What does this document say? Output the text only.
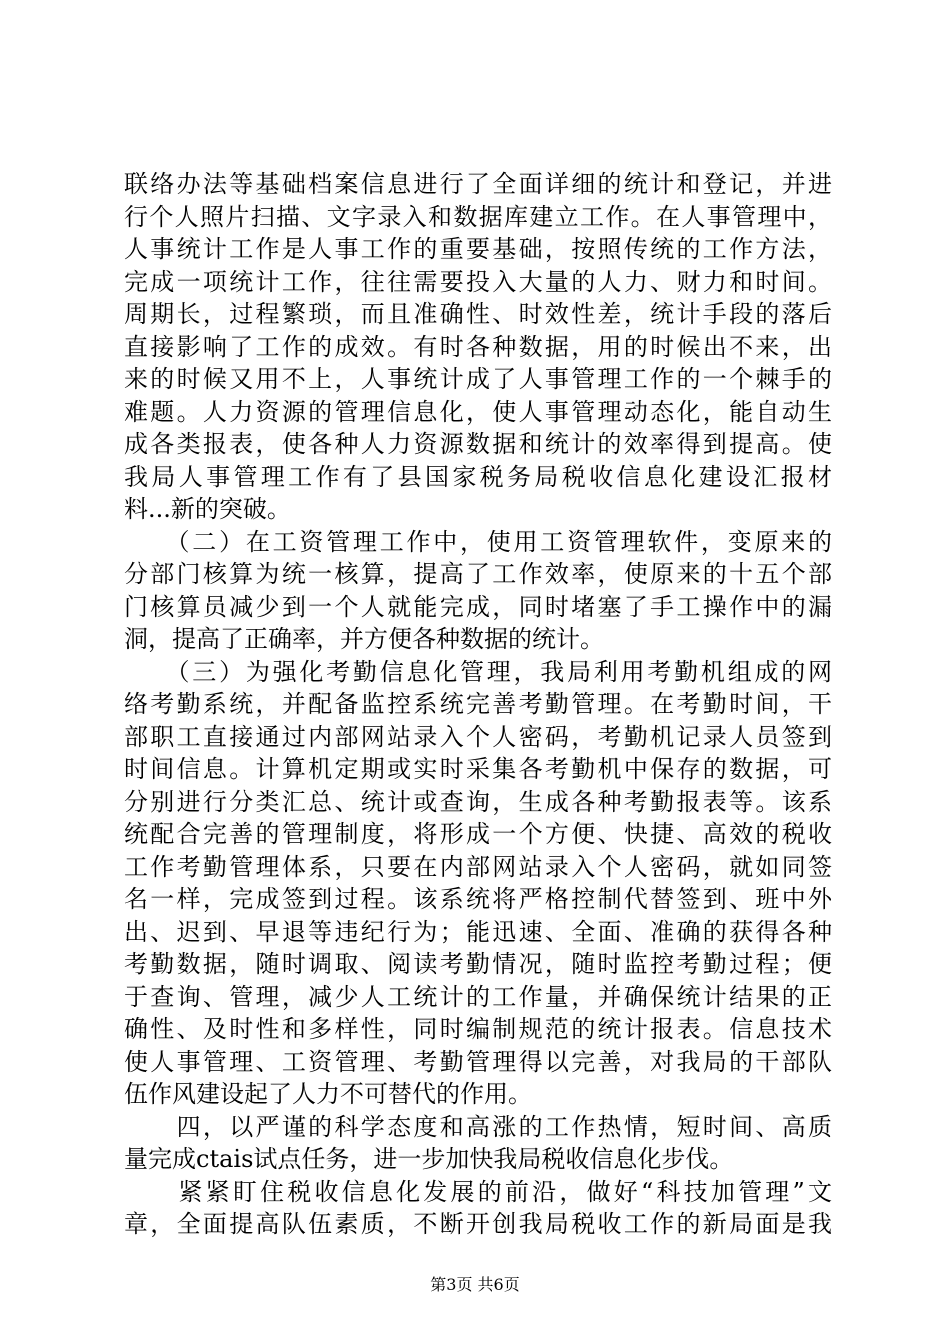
联络办法等基础档案信息进行了全面详细的统计和登记，并进
行个人照片扫描、文字录入和数据库建立工作。在人事管理中，
人事统计工作是人事工作的重要基础，按照传统的工作方法，
完成一项统计工作，往往需要投入大量的人力、财力和时间。
周期长，过程繁琐，而且准确性、时效性差，统计手段的落后
直接影响了工作的成效。有时各种数据，用的时候出不来，出
来的时候又用不上，人事统计成了人事管理工作的一个棘手的
难题。人力资源的管理信息化，使人事管理动态化，能自动生
成各类报表，使各种人力资源数据和统计的效率得到提高。使
我局人事管理工作有了县国家税务局税收信息化建设汇报材
料...新的突破。
　　（二）在工资管理工作中，使用工资管理软件，变原来的
分部门核算为统一核算，提高了工作效率，使原来的十五个部
门核算员减少到一个人就能完成，同时堵塞了手工操作中的漏
洞，提高了正确率，并方便各种数据的统计。
　　（三）为强化考勤信息化管理，我局利用考勤机组成的网
络考勤系统，并配备监控系统完善考勤管理。在考勤时间，干
部职工直接通过内部网站录入个人密码，考勤机记录人员签到
时间信息。计算机定期或实时采集各考勤机中保存的数据，可
分别进行分类汇总、统计或查询，生成各种考勤报表等。该系
统配合完善的管理制度，将形成一个方便、快捷、高效的税收
工作考勤管理体系，只要在内部网站录入个人密码，就如同签
名一样，完成签到过程。该系统将严格控制代替签到、班中外
出、迟到、早退等违纪行为；能迅速、全面、准确的获得各种
考勤数据，随时调取、阅读考勤情况，随时监控考勤过程；便
于查询、管理，减少人工统计的工作量，并确保统计结果的正
确性、及时性和多样性，同时编制规范的统计报表。信息技术
使人事管理、工资管理、考勤管理得以完善，对我局的干部队
伍作风建设起了人力不可替代的作用。
　　四，以严谨的科学态度和高涨的工作热情，短时间、高质
量完成ctais试点任务，进一步加快我局税收信息化步伐。
　　紧紧盯住税收信息化发展的前沿，做好“科技加管理”文
章，全面提高队伍素质，不断开创我局税收工作的新局面是我
第3页 共6页
